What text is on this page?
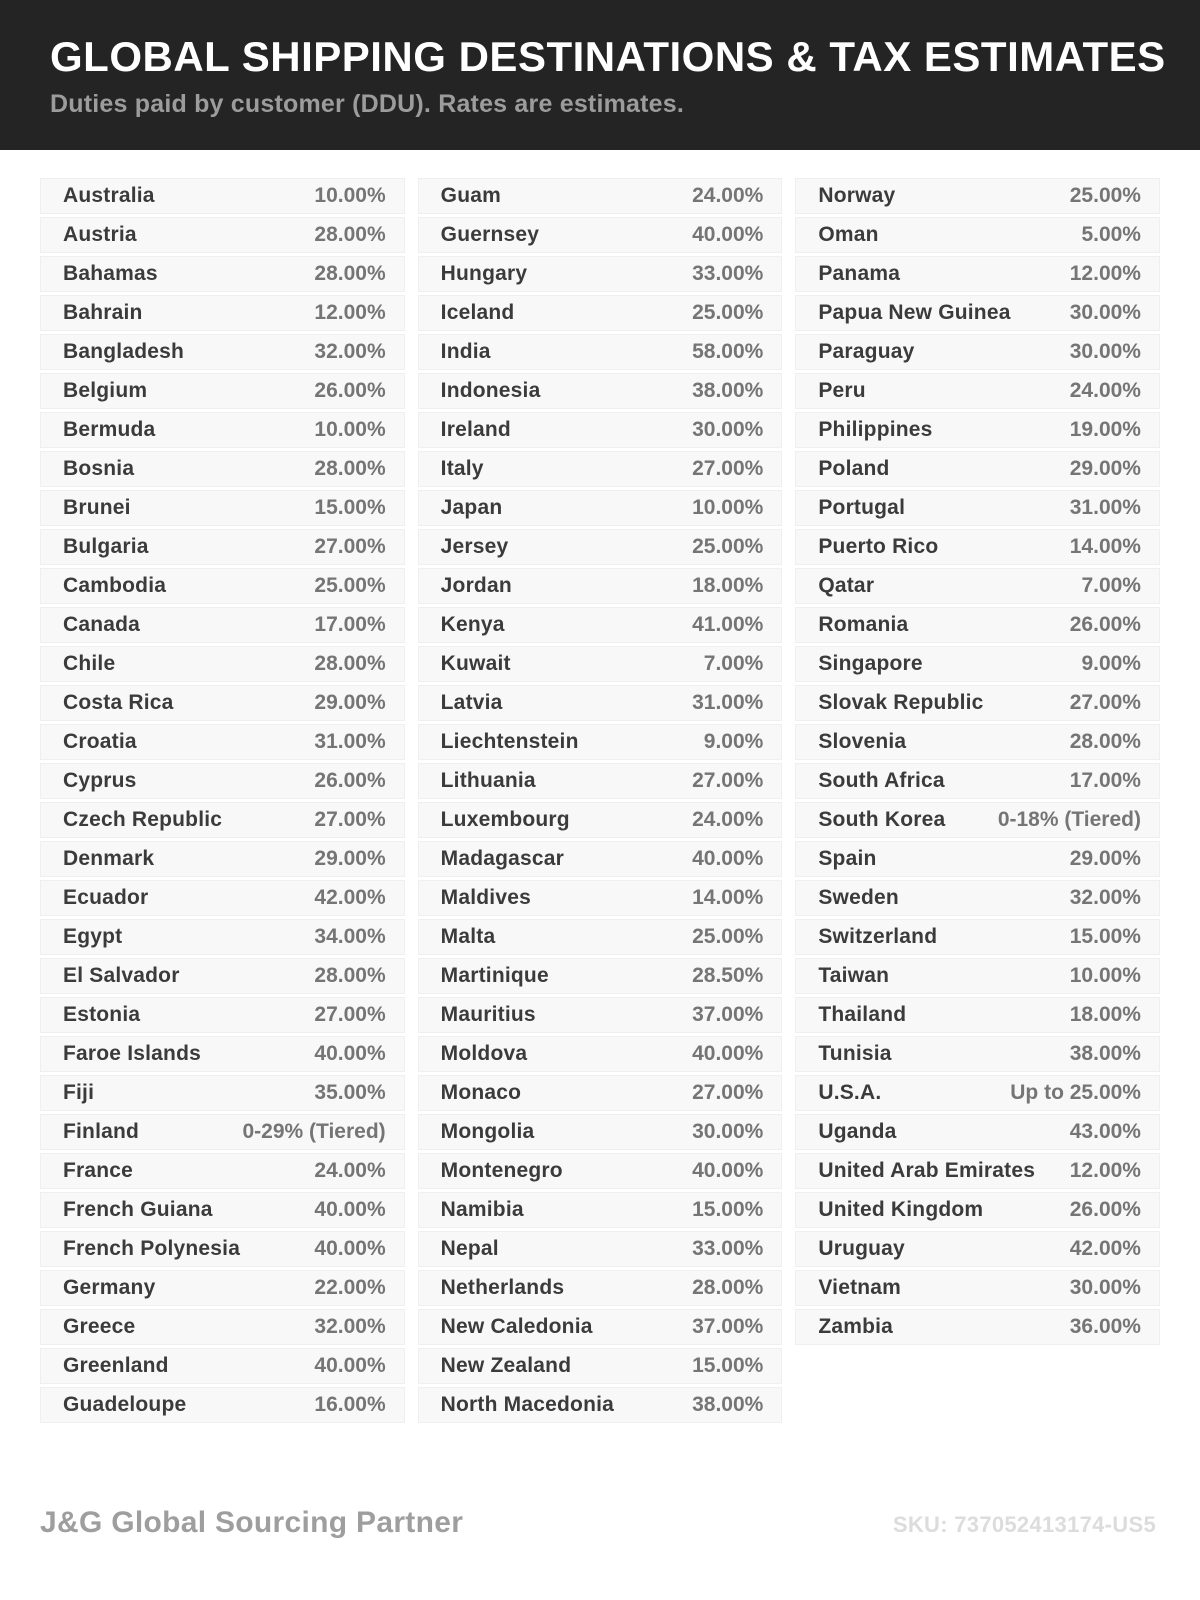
GLOBAL SHIPPING DESTINATIONS & TAX ESTIMATES
Duties paid by customer (DDU). Rates are estimates.
Australia	10.00%
Austria	28.00%
Bahamas	28.00%
Bahrain	12.00%
Bangladesh	32.00%
Belgium	26.00%
Bermuda	10.00%
Bosnia	28.00%
Brunei	15.00%
Bulgaria	27.00%
Cambodia	25.00%
Canada	17.00%
Chile	28.00%
Costa Rica	29.00%
Croatia	31.00%
Cyprus	26.00%
Czech Republic	27.00%
Denmark	29.00%
Ecuador	42.00%
Egypt	34.00%
El Salvador	28.00%
Estonia	27.00%
Faroe Islands	40.00%
Fiji	35.00%
Finland	0-29% (Tiered)
France	24.00%
French Guiana	40.00%
French Polynesia	40.00%
Germany	22.00%
Greece	32.00%
Greenland	40.00%
Guadeloupe	16.00%
Guam	24.00%
Guernsey	40.00%
Hungary	33.00%
Iceland	25.00%
India	58.00%
Indonesia	38.00%
Ireland	30.00%
Italy	27.00%
Japan	10.00%
Jersey	25.00%
Jordan	18.00%
Kenya	41.00%
Kuwait	7.00%
Latvia	31.00%
Liechtenstein	9.00%
Lithuania	27.00%
Luxembourg	24.00%
Madagascar	40.00%
Maldives	14.00%
Malta	25.00%
Martinique	28.50%
Mauritius	37.00%
Moldova	40.00%
Monaco	27.00%
Mongolia	30.00%
Montenegro	40.00%
Namibia	15.00%
Nepal	33.00%
Netherlands	28.00%
New Caledonia	37.00%
New Zealand	15.00%
North Macedonia	38.00%
Norway	25.00%
Oman	5.00%
Panama	12.00%
Papua New Guinea	30.00%
Paraguay	30.00%
Peru	24.00%
Philippines	19.00%
Poland	29.00%
Portugal	31.00%
Puerto Rico	14.00%
Qatar	7.00%
Romania	26.00%
Singapore	9.00%
Slovak Republic	27.00%
Slovenia	28.00%
South Africa	17.00%
South Korea 0-18% (Tiered)
Spain	29.00%
Sweden	32.00%
Switzerland	15.00%
Taiwan	10.00%
Thailand	18.00%
Tunisia	38.00%
U.S.A.	Up to 25.00%
Uganda	43.00%
United Arab Emirates 12.00%
United Kingdom	26.00%
Uruguay	42.00%
Vietnam	30.00%
Zambia	36.00%
J&G Global Sourcing Partner	SKU: 737052413174-US5
